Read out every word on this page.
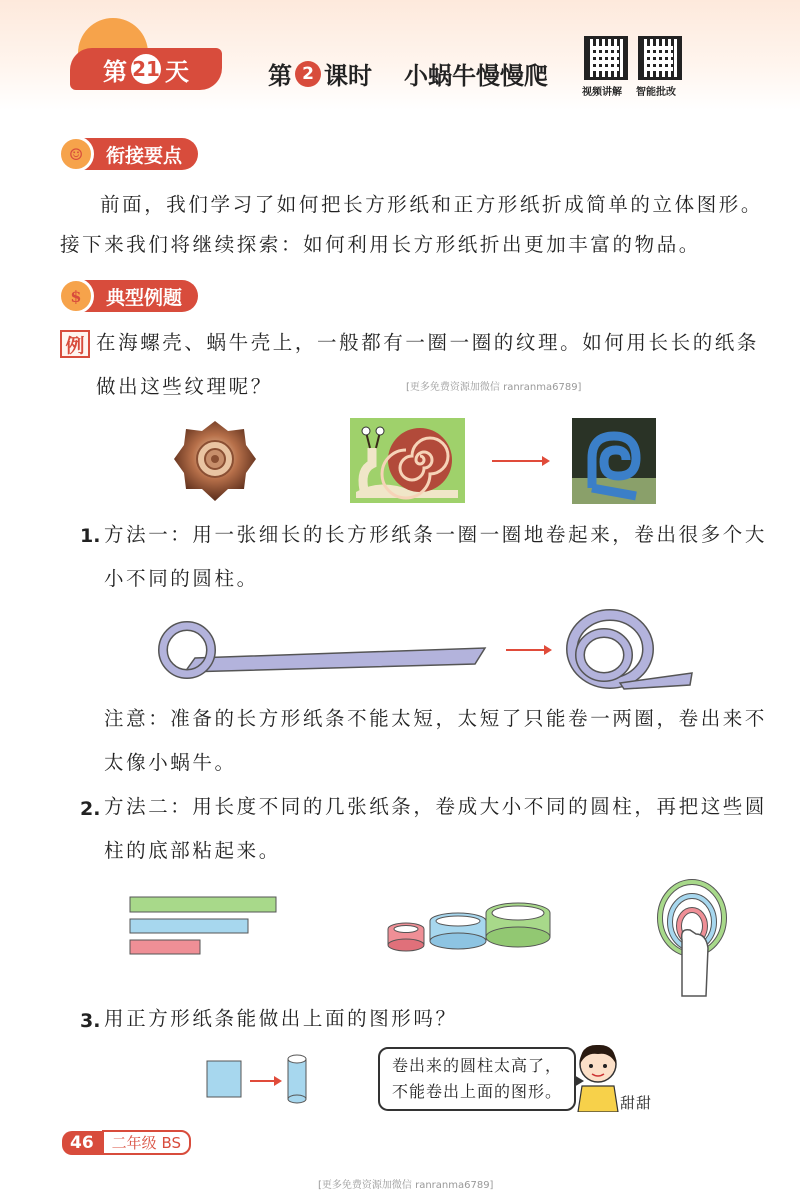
第 21 天	第 2 课时 小蜗牛慢慢爬
视频讲解 智能批改
衔接要点
☺
前面，我们学习了如何把长方形纸和正方形纸折成简单的立体图形。
接下来我们将继续探索：如何利用长方形纸折出更加丰富的物品。
典型例题
$
例 在海螺壳、蜗牛壳上，一般都有一圈一圈的纹理。如何用长长的纸条
做出这些纹理呢？	[更多免费资源加微信 ranranma6789]
1. 方法一：用一张细长的长方形纸条一圈一圈地卷起来，卷出很多个大
小不同的圆柱。
注意：准备的长方形纸条不能太短，太短了只能卷一两圈，卷出来不
太像小蜗牛。
2. 方法二：用长度不同的几张纸条，卷成大小不同的圆柱，再把这些圆
柱的底部粘起来。
3. 用正方形纸条能做出上面的图形吗？
卷出来的圆柱太高了，
不能卷出上面的图形。
甜甜
46	二年级 BS
[更多免费资源加微信 ranranma6789]
